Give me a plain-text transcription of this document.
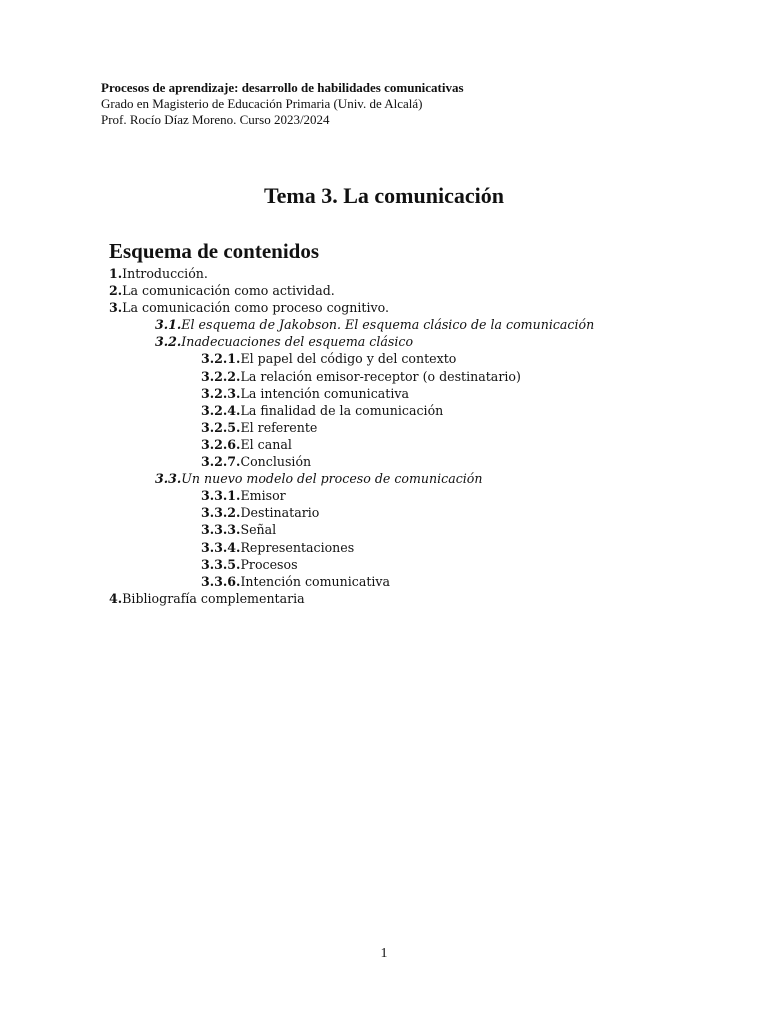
Procesos de aprendizaje: desarrollo de habilidades comunicativas
Grado en Magisterio de Educación Primaria (Univ. de Alcalá)
Prof. Rocío Díaz Moreno. Curso 2023/2024
Tema 3. La comunicación
Esquema de contenidos
1.Introducción.
2.La comunicación como actividad.
3.La comunicación como proceso cognitivo.
3.1.El esquema de Jakobson. El esquema clásico de la comunicación
3.2.Inadecuaciones del esquema clásico
3.2.1.El papel del código y del contexto
3.2.2.La relación emisor-receptor (o destinatario)
3.2.3.La intención comunicativa
3.2.4.La finalidad de la comunicación
3.2.5.El referente
3.2.6.El canal
3.2.7.Conclusión
3.3.Un nuevo modelo del proceso de comunicación
3.3.1.Emisor
3.3.2.Destinatario
3.3.3.Señal
3.3.4.Representaciones
3.3.5.Procesos
3.3.6.Intención comunicativa
4.Bibliografía complementaria
1
